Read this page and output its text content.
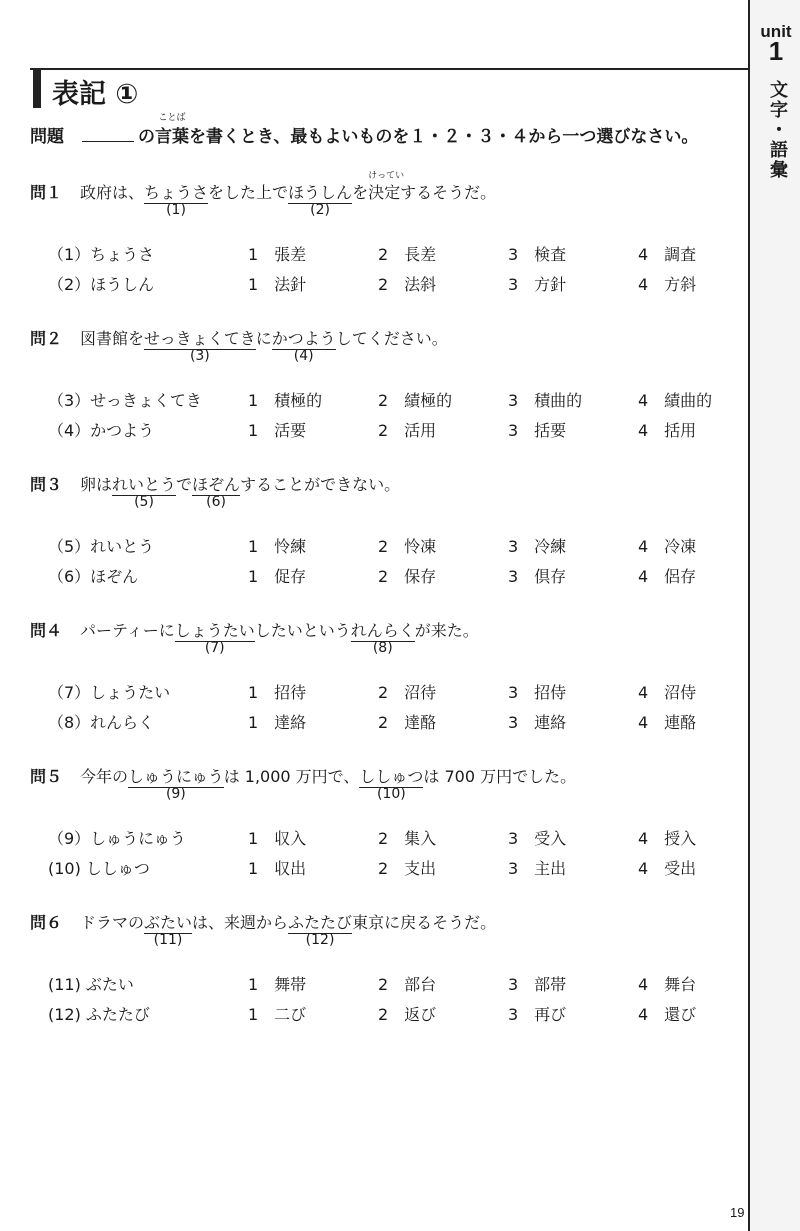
unit
1
文字・語彙
表記 ①
問題	の
ことば
言葉を書くとき、最もよいものを１・２・３・４から一つ選びなさい。
問１ 政府は、ちょうさ
(1)
をした上でほうしん
(2)
を
けってい
決定するそうだ。
（1）ちょうさ	1　張差	2　長差	3　検査	4　調査
（2）ほうしん	1　法針	2　法斜	3　方針	4　方斜
問２ 図書館をせっきょくてき
(3)
にかつよう
(4)
してください。
（3）せっきょくてき	1　積極的	2　績極的	3　積曲的	4　績曲的
（4）かつよう	1　活要	2　活用	3　括要	4　括用
問３ 卵はれいとう
(5)
でほぞん
(6)
することができない。
（5）れいとう	1　怜練	2　怜凍	3　冷練	4　冷凍
（6）ほぞん	1　促存	2　保存	3　倶存	4　侶存
問４ パーティーにしょうたい
(7)
したいというれんらく
(8)
が来た。
（7）しょうたい	1　招待	2　沼待	3　招侍	4　沼侍
（8）れんらく	1　達絡	2　達酪	3　連絡	4　連酪
問５ 今年のしゅうにゅう
(9)
は 1,000 万円で、ししゅつ
(10)
は 700 万円でした。
（9）しゅうにゅう	1　収入	2　集入	3　受入	4　授入
(10) ししゅつ	1　収出	2　支出	3　主出	4　受出
問６ ドラマのぶたい
(11)
は、来週からふたたび
(12)
東京に戻るそうだ。
(11) ぶたい	1　舞帯	2　部台	3　部帯	4　舞台
(12) ふたたび	1　二び	2　返び	3　再び	4　還び
19
